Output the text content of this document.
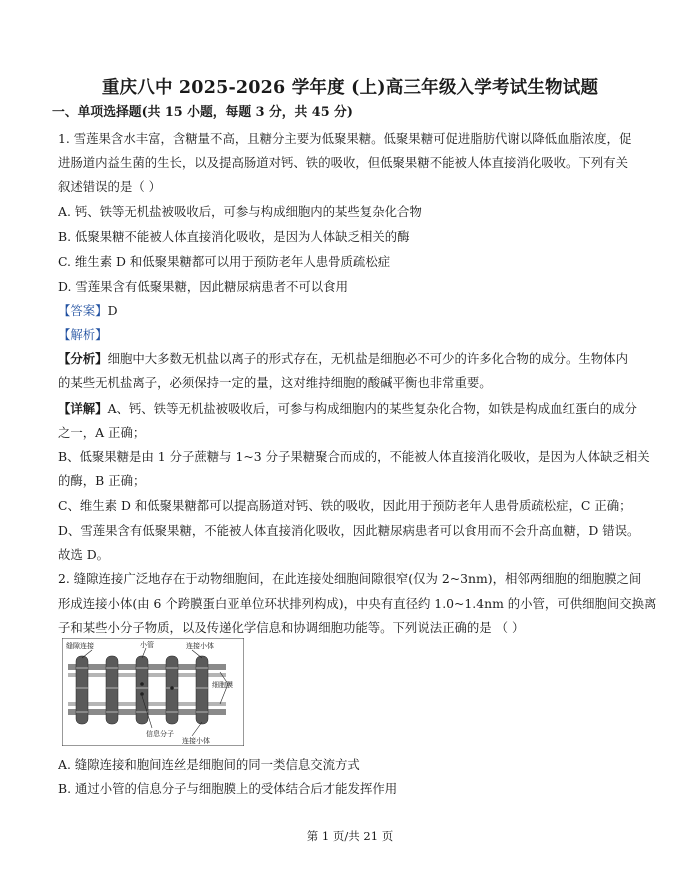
重庆八中 2025-2026 学年度 (上)高三年级入学考试生物试题
一、单项选择题(共 15 小题，每题 3 分，共 45 分)
1. 雪莲果含水丰富，含糖量不高，且糖分主要为低聚果糖。低聚果糖可促进脂肪代谢以降低血脂浓度，促
进肠道内益生菌的生长，以及提高肠道对钙、铁的吸收，但低聚果糖不能被人体直接消化吸收。下列有关
叙述错误的是（ ）
A. 钙、铁等无机盐被吸收后，可参与构成细胞内的某些复杂化合物
B. 低聚果糖不能被人体直接消化吸收，是因为人体缺乏相关的酶
C. 维生素 D 和低聚果糖都可以用于预防老年人患骨质疏松症
D. 雪莲果含有低聚果糖，因此糖尿病患者不可以食用
【答案】D
【解析】
【分析】细胞中大多数无机盐以离子的形式存在，无机盐是细胞必不可少的许多化合物的成分。生物体内
的某些无机盐离子，必须保持一定的量，这对维持细胞的酸碱平衡也非常重要。
【详解】A、钙、铁等无机盐被吸收后，可参与构成细胞内的某些复杂化合物，如铁是构成血红蛋白的成分
之一，A 正确；
B、低聚果糖是由 1 分子蔗糖与 1~3 分子果糖聚合而成的，不能被人体直接消化吸收，是因为人体缺乏相关
的酶，B 正确；
C、维生素 D 和低聚果糖都可以提高肠道对钙、铁的吸收，因此用于预防老年人患骨质疏松症，C 正确；
D、雪莲果含有低聚果糖，不能被人体直接消化吸收，因此糖尿病患者可以食用而不会升高血糖，D 错误。
故选 D。
2. 缝隙连接广泛地存在于动物细胞间，在此连接处细胞间隙很窄(仅为 2~3nm)，相邻两细胞的细胞膜之间
形成连接小体(由 6 个跨膜蛋白亚单位环状排列构成)，中央有直径约 1.0~1.4nm 的小管，可供细胞间交换离
子和某些小分子物质，以及传递化学信息和协调细胞功能等。下列说法正确的是 （ ）
缝隙连接	小管	连接小体
细胞膜
信息分子
连接小体
A. 缝隙连接和胞间连丝是细胞间的同一类信息交流方式
B. 通过小管的信息分子与细胞膜上的受体结合后才能发挥作用
第 1 页/共 21 页
